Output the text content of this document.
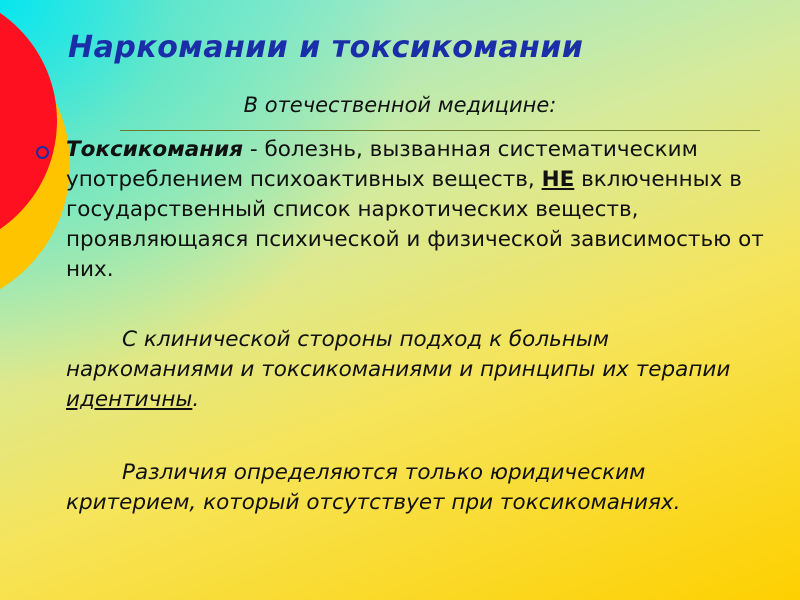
Наркомании и токсикомании
В отечественной медицине:
Токсикомания - болезнь, вызванная систематическим употреблением психоактивных веществ, НЕ включенных в государственный список наркотических веществ, проявляющаяся психической и физической зависимостью от них.
С клинической стороны подход к больным наркоманиями и токсикоманиями и принципы их терапии идентичны.
Различия определяются только юридическим критерием, который отсутствует при токсикоманиях.
